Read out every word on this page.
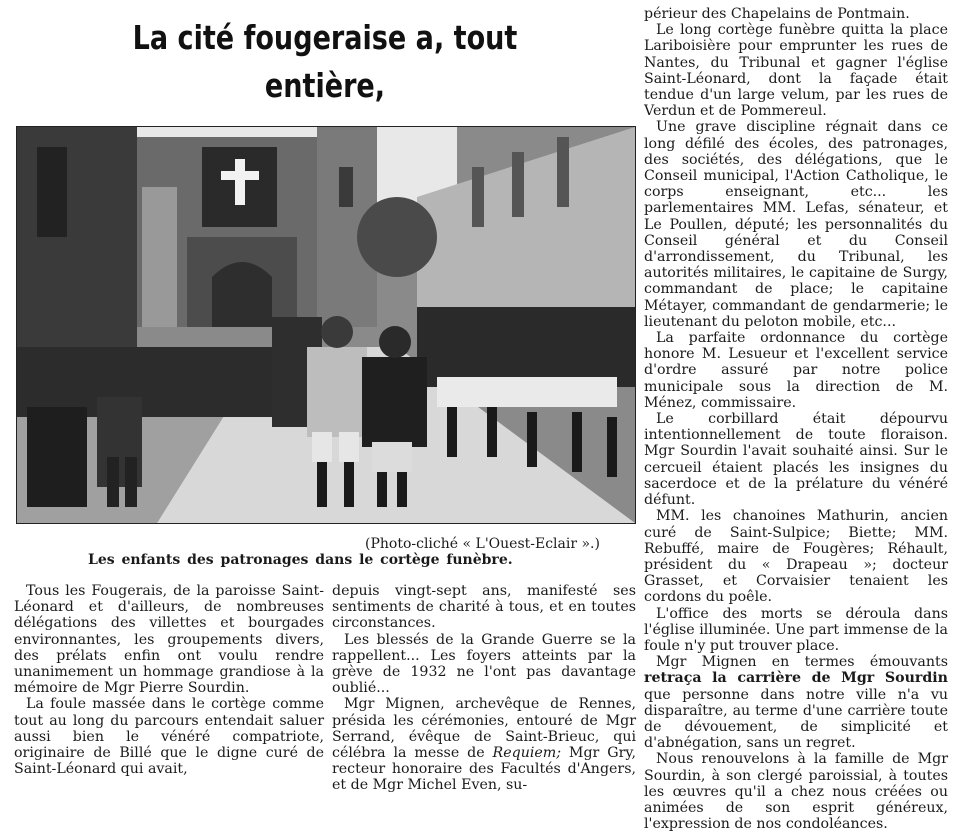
La cité fougeraise a, tout entière,
(Photo-cliché « L'Ouest-Eclair ».)
Les enfants des patronages dans le cortège funèbre.

Tous les Fougerais, de la paroisse Saint-Léonard et d'ailleurs, de nombreuses délégations des villettes et bourgades environnantes, les groupements divers, des prélats enfin ont voulu rendre unanimement un hommage grandiose à la mémoire de Mgr Pierre Sourdin.

La foule massée dans le cortège comme tout au long du parcours entendait saluer aussi bien le vénéré compatriote, originaire de Billé que le digne curé de Saint-Léonard qui avait,

depuis vingt-sept ans, manifesté ses sentiments de charité à tous, et en toutes circonstances.

Les blessés de la Grande Guerre se la rappellent... Les foyers atteints par la grève de 1932 ne l'ont pas davantage oublié...

Mgr Mignen, archevêque de Rennes, présida les cérémonies, entouré de Mgr Serrand, évêque de Saint-Brieuc, qui célébra la messe de Requiem; Mgr Gry, recteur honoraire des Facultés d'Angers, et de Mgr Michel Even, su-

périeur des Chapelains de Pontmain.

Le long cortège funèbre quitta la place Lariboisière pour emprunter les rues de Nantes, du Tribunal et gagner l'église Saint-Léonard, dont la façade était tendue d'un large velum, par les rues de Verdun et de Pommereul.

Une grave discipline régnait dans ce long défilé des écoles, des patronages, des sociétés, des délégations, que le Conseil municipal, l'Action Catholique, le corps enseignant, etc... les parlementaires MM. Lefas, sénateur, et Le Poullen, député; les personnalités du Conseil général et du Conseil d'arrondissement, du Tribunal, les autorités militaires, le capitaine de Surgy, commandant de place; le capitaine Métayer, commandant de gendarmerie; le lieutenant du peloton mobile, etc...

La parfaite ordonnance du cortège honore M. Lesueur et l'excellent service d'ordre assuré par notre police municipale sous la direction de M. Ménez, commissaire.

Le corbillard était dépourvu intentionnellement de toute floraison. Mgr Sourdin l'avait souhaité ainsi. Sur le cercueil étaient placés les insignes du sacerdoce et de la prélature du vénéré défunt.

MM. les chanoines Mathurin, ancien curé de Saint-Sulpice; Biette; MM. Rebuffé, maire de Fougères; Réhault, président du « Drapeau »; docteur Grasset, et Corvaisier tenaient les cordons du poêle.

L'office des morts se déroula dans l'église illuminée. Une part immense de la foule n'y put trouver place.

Mgr Mignen en termes émouvants retraça la carrière de Mgr Sourdin que personne dans notre ville n'a vu disparaître, au terme d'une carrière toute de dévouement, de simplicité et d'abnégation, sans un regret.

Nous renouvelons à la famille de Mgr Sourdin, à son clergé paroissial, à toutes les œuvres qu'il a chez nous créées ou animées de son esprit généreux, l'expression de nos condoléances.
